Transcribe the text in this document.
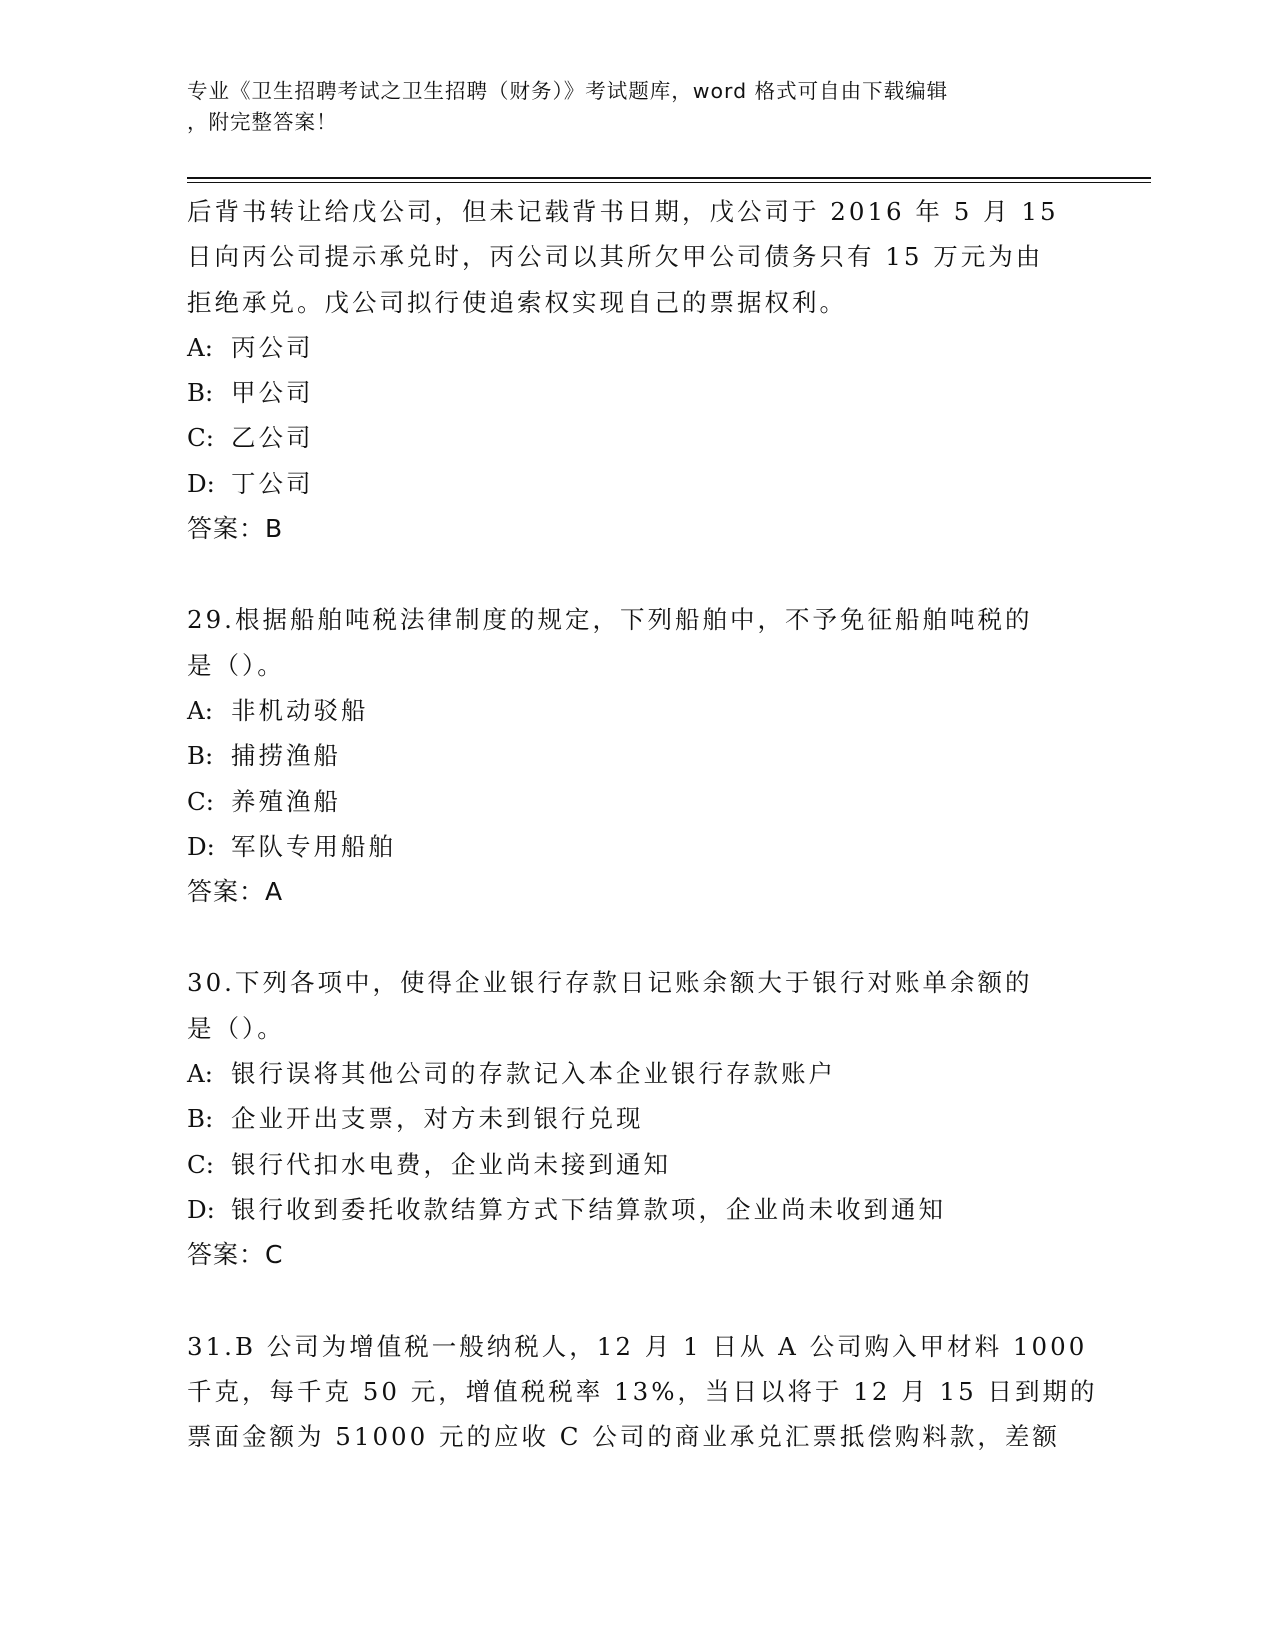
专业《卫生招聘考试之卫生招聘（财务）》考试题库，word 格式可自由下载编辑
，附完整答案！
后背书转让给戊公司，但未记载背书日期，戊公司于 2016 年 5 月 15
日向丙公司提示承兑时，丙公司以其所欠甲公司债务只有 15 万元为由
拒绝承兑。戊公司拟行使追索权实现自己的票据权利。
A: 丙公司
B: 甲公司
C: 乙公司
D: 丁公司
答案：B
29.根据船舶吨税法律制度的规定，下列船舶中，不予免征船舶吨税的
是（）。
A: 非机动驳船
B: 捕捞渔船
C: 养殖渔船
D: 军队专用船舶
答案：A
30.下列各项中，使得企业银行存款日记账余额大于银行对账单余额的
是（）。
A: 银行误将其他公司的存款记入本企业银行存款账户
B: 企业开出支票，对方未到银行兑现
C: 银行代扣水电费，企业尚未接到通知
D: 银行收到委托收款结算方式下结算款项，企业尚未收到通知
答案：C
31.B 公司为增值税一般纳税人，12 月 1 日从 A 公司购入甲材料 1000
千克，每千克 50 元，增值税税率 13%，当日以将于 12 月 15 日到期的
票面金额为 51000 元的应收 C 公司的商业承兑汇票抵偿购料款，差额
